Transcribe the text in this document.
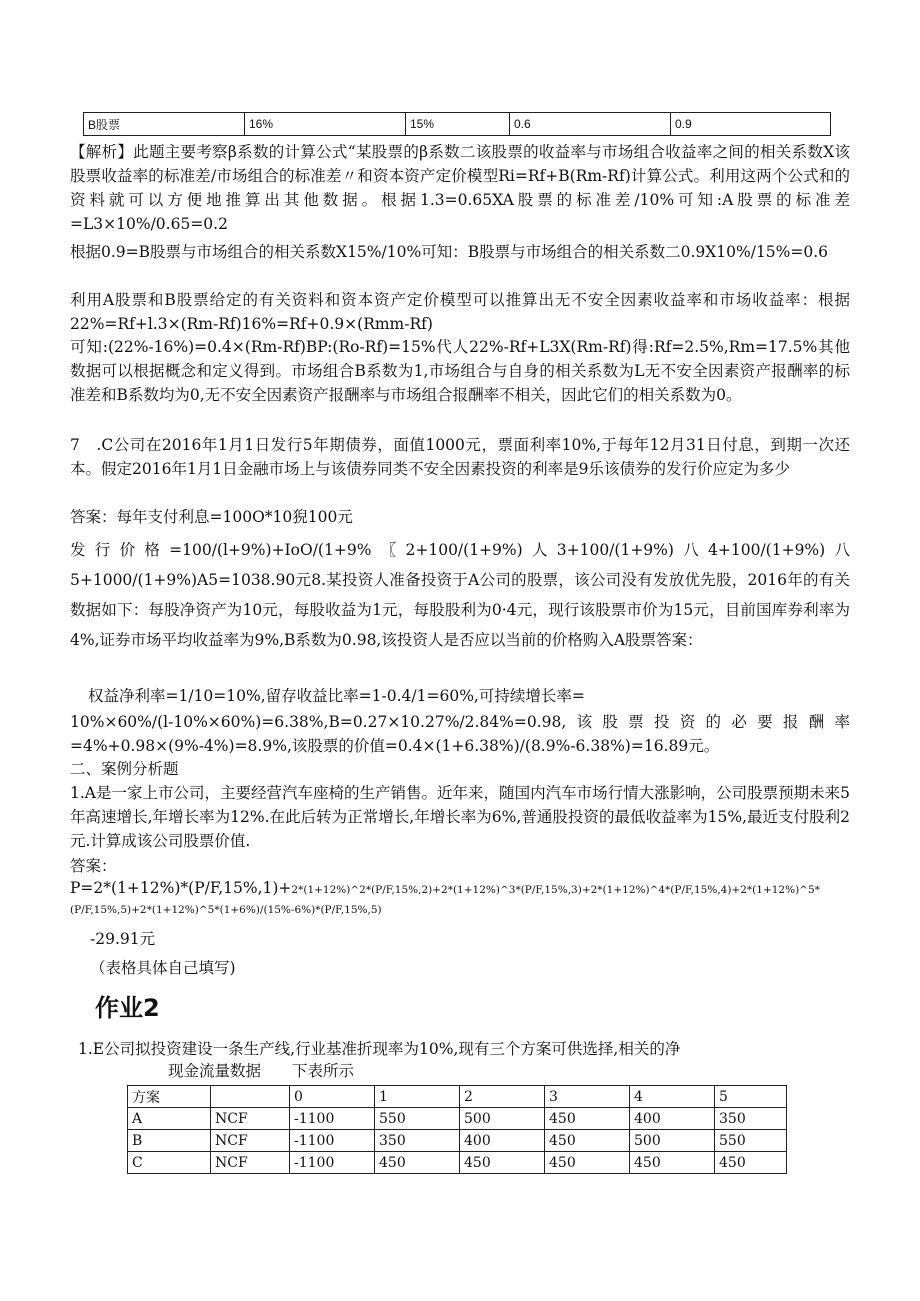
B股票	16%	15%	0.6	0.9

【解析】此题主要考察β系数的计算公式“某股票的β系数二该股票的收益率与市场组合收益率之间的相关系数X该股票收益率的标准差/市场组合的标准差〃和资本资产定价模型Ri=Rf+B(Rm-Rf)计算公式。利用这两个公式和的资料就可以方便地推算出其他数据。根据1.3=0.65XA股票的标准差/10%可知:A股票的标准差=L3×10%/0.65=0.2

根据0.9=B股票与市场组合的相关系数X15%/10%可知：B股票与市场组合的相关系数二0.9X10%/15%=0.6

利用A股票和B股票给定的有关资料和资本资产定价模型可以推算出无不安全因素收益率和市场收益率：根据22%=Rf+l.3×(Rm-Rf)16%=Rf+0.9×(Rmm-Rf)

可知:(22%-16%)=0.4×(Rm-Rf)BP:(Ro-Rf)=15%代人22%-Rf+L3X(Rm-Rf)得:Rf=2.5%,Rm=17.5%其他数据可以根据概念和定义得到。市场组合B系数为1,市场组合与自身的相关系数为L无不安全因素资产报酬率的标准差和B系数均为0,无不安全因素资产报酬率与市场组合报酬率不相关，因此它们的相关系数为0。

7　.C公司在2016年1月1日发行5年期债券，面值1000元，票面利率10%,于每年12月31日付息，到期一次还本。假定2016年1月1日金融市场上与该债券同类不安全因素投资的利率是9乐该债券的发行价应定为多少

答案：每年支付利息=100O*10猊100元

发行价格=100/(l+9%)+IoO/(1+9%〖2+100/(1+9%)人3+100/(1+9%)八4+100/(1+9%)八5+1000/(1+9%)A5=1038.90元8.某投资人准备投资于A公司的股票，该公司没有发放优先股，2016年的有关数据如下：每股净资产为10元，每股收益为1元，每股股利为0·4元，现行该股票市价为15元，目前国库券利率为4%,证券市场平均收益率为9%,B系数为0.98,该投资人是否应以当前的价格购入A股票答案：

权益净利率=1/10=10%,留存收益比率=1-0.4/1=60%,可持续增长率=

10%×60%/(l-10%×60%)=6.38%,B=0.27×10.27%/2.84%=0.98,该股票投资的必要报酬率=4%+0.98×(9%-4%)=8.9%,该股票的价值=0.4×(1+6.38%)/(8.9%-6.38%)=16.89元。

二、案例分析题

1.A是一家上市公司，主要经营汽车座椅的生产销售。近年来，随国内汽车市场行情大涨影响，公司股票预期未来5年高速增长,年增长率为12%.在此后转为正常增长,年增长率为6%,普通股投资的最低收益率为15%,最近支付股利2元.计算成该公司股票价值.

答案：

P=2*(1+12%)*(P/F,15%,1)+2*(1+12%)^2*(P/F,15%,2)+2*(1+12%)^3*(P/F,15%,3)+2*(1+12%)^4*(P/F,15%,4)+2*(1+12%)^5*(P/F,15%,5)+2*(1+12%)^5*(1+6%)/(15%-6%)*(P/F,15%,5)

-29.91元

（表格具体自己填写)

作业2

1.E公司拟投资建设一条生产线,行业基准折现率为10%,现有三个方案可供选择,相关的净

现金流量数据 下表所示
方案		0	1	2	3	4	5
A	NCF	-1100	550	500	450	400	350
B	NCF	-1100	350	400	450	500	550
C	NCF	-1100	450	450	450	450	450
